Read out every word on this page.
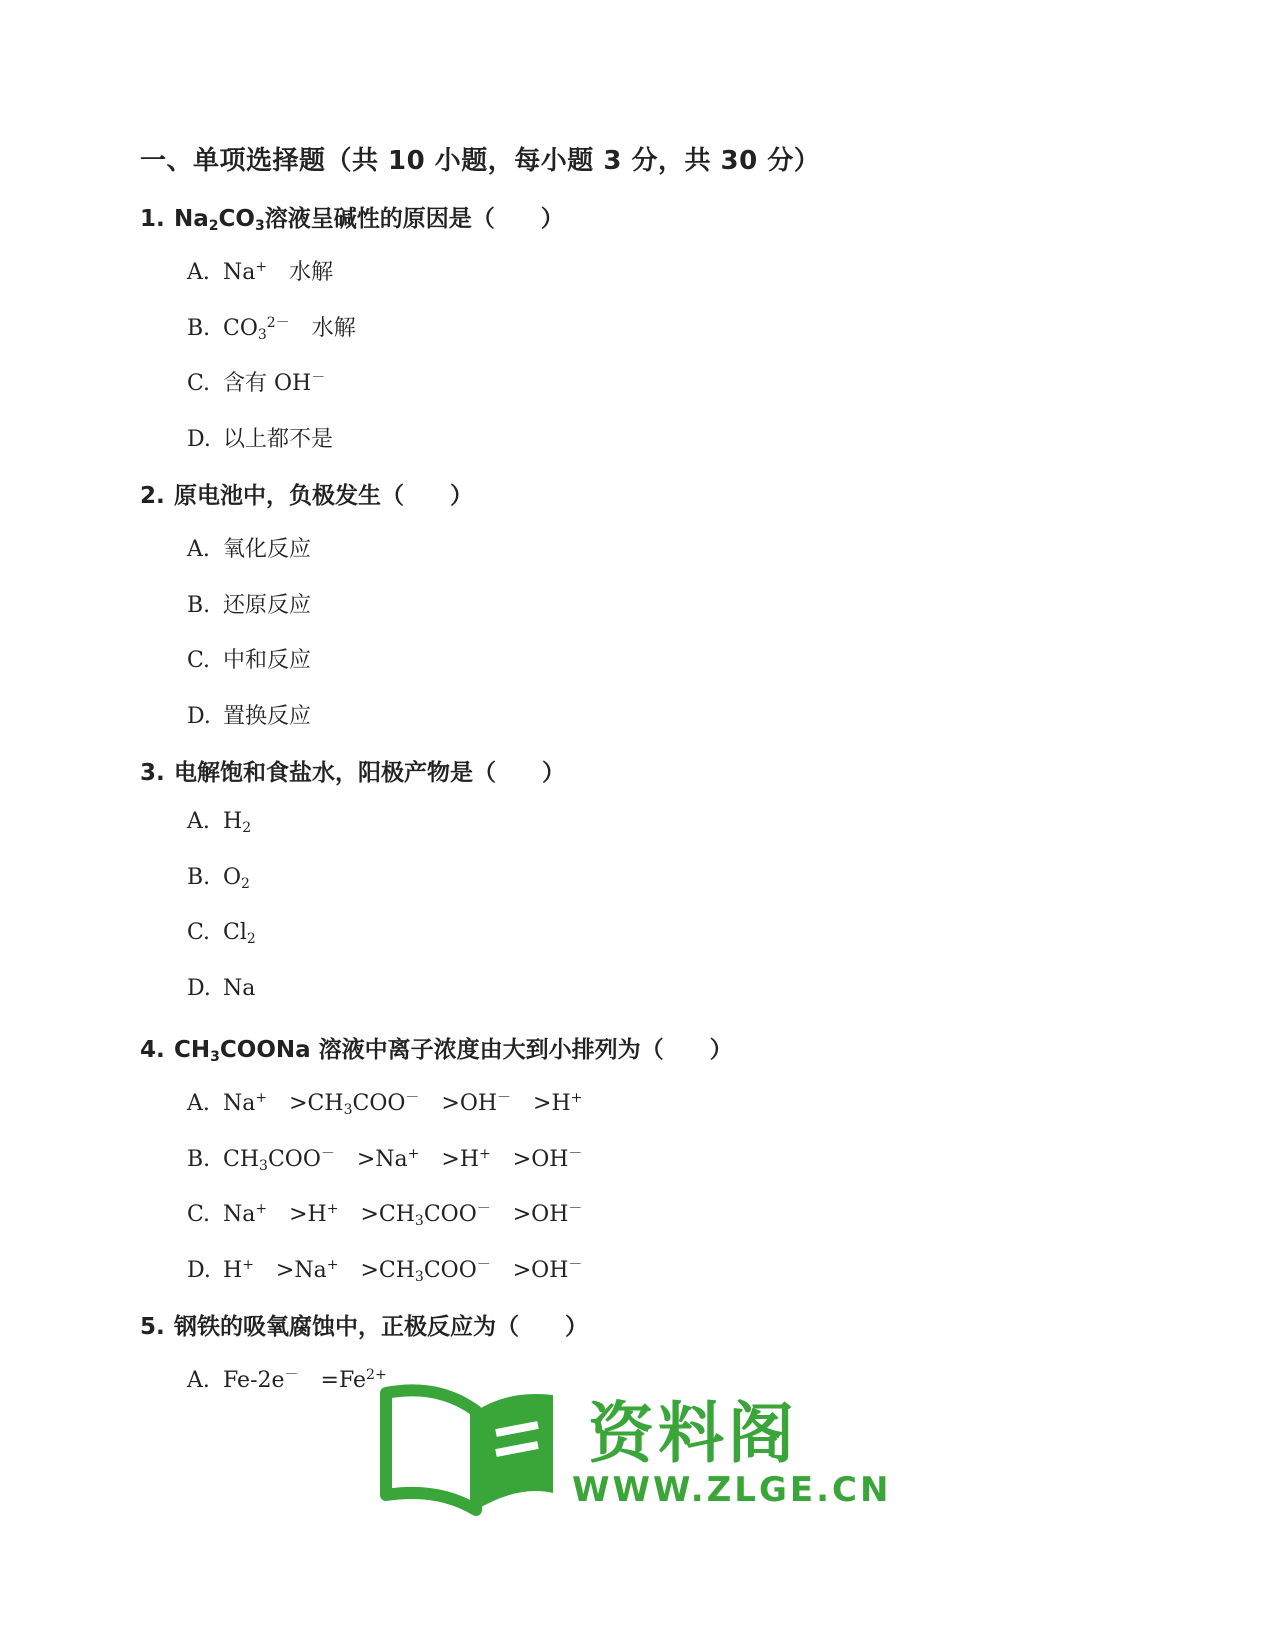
一、单项选择题（共 10 小题，每小题 3 分，共 30 分）
1. $Na_2CO_3$溶液呈碱性的原因是（　　）
A. Na+　水解
B. $CO_3^{2-}$　水解
C. 含有 OH－
D. 以上都不是
2. 原电池中，负极发生（　　）
A. 氧化反应
B. 还原反应
C. 中和反应
D. 置换反应
3. 电解饱和食盐水，阳极产物是（　　）
A. $H_2$
B. $O_2$
C. $Cl_2$
D. Na
4. $CH_3COONa$ 溶液中离子浓度由大到小排列为（　　）
A. Na+　$>CH_3COO^-$　>OH－　>H+
B. $CH_3COO^-$　>Na+　>H+　>OH－
C. Na+　>H+　$>CH_3COO^-$　>OH－
D. H+　>Na+　$>CH_3COO^-$　>OH－
5. 钢铁的吸氧腐蚀中，正极反应为（　　）
A. Fe-2e－　$=Fe^{2+}$
资料阁
WWW.ZLGE.CN
